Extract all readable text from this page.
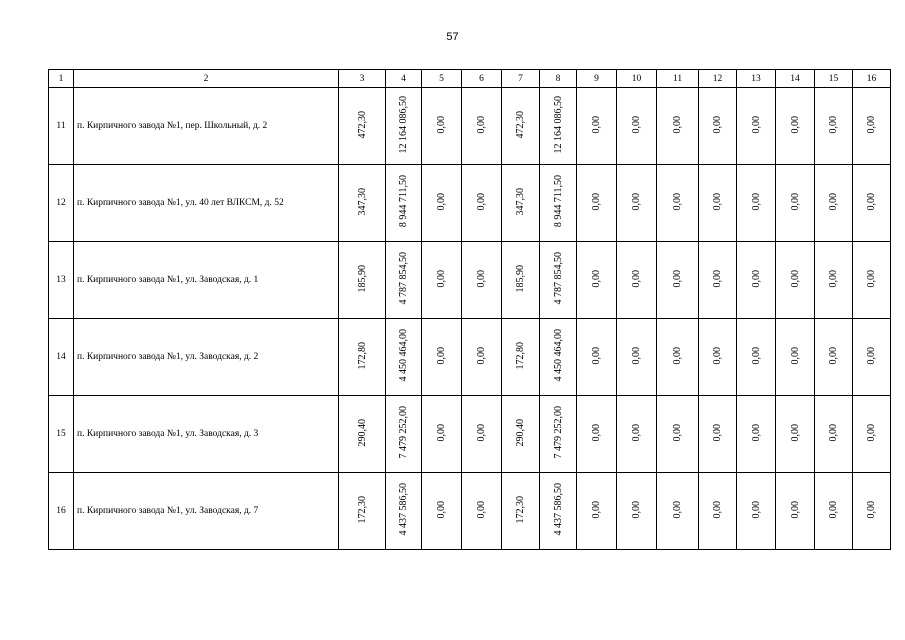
57
1	2	3	4	5	6	7	8	9	10	11	12	13	14	15	16
11	п. Кирпичного завода №1, пер. Школьный, д. 2	472,30	12 164 086,50	0,00	0,00	472,30	12 164 086,50	0,00	0,00	0,00	0,00	0,00	0,00	0,00	0,00
12	п. Кирпичного завода №1, ул. 40 лет ВЛКСМ, д. 52	347,30	8 944 711,50	0,00	0,00	347,30	8 944 711,50	0,00	0,00	0,00	0,00	0,00	0,00	0,00	0,00
13	п. Кирпичного завода №1, ул. Заводская, д. 1	185,90	4 787 854,50	0,00	0,00	185,90	4 787 854,50	0,00	0,00	0,00	0,00	0,00	0,00	0,00	0,00
14	п. Кирпичного завода №1, ул. Заводская, д. 2	172,80	4 450 464,00	0,00	0,00	172,80	4 450 464,00	0,00	0,00	0,00	0,00	0,00	0,00	0,00	0,00
15	п. Кирпичного завода №1, ул. Заводская, д. 3	290,40	7 479 252,00	0,00	0,00	290,40	7 479 252,00	0,00	0,00	0,00	0,00	0,00	0,00	0,00	0,00
16	п. Кирпичного завода №1, ул. Заводская, д. 7	172,30	4 437 586,50	0,00	0,00	172,30	4 437 586,50	0,00	0,00	0,00	0,00	0,00	0,00	0,00	0,00
